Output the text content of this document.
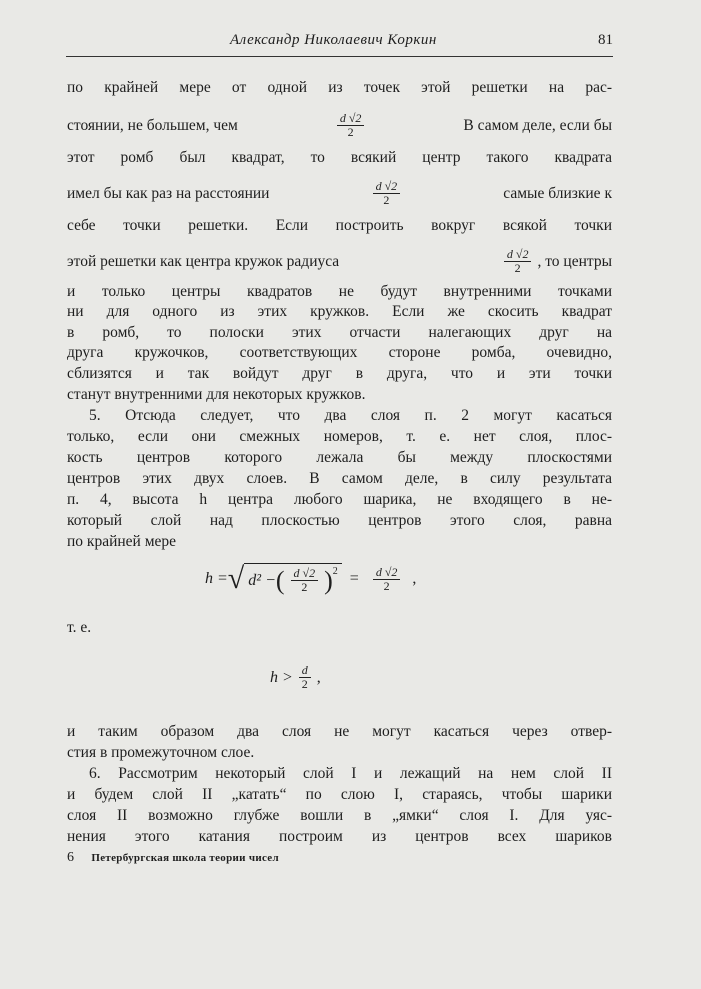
Александр Николаевич Коркин	81
по крайней мере от одной из точек этой решетки на рас-
стоянии, не большем, чем	$\frac{d √2}{2}$	В самом деле, если бы
этот ромб был квадрат, то всякий центр такого квадрата
имел бы как раз на расстоянии	$\frac{d √2}{2}$	самые близкие к
себе точки решетки. Если построить вокруг всякой точки
этой решетки как центра кружок радиуса	$\frac{d √2}{2}$ , то центры
и только центры квадратов не будут внутренними точками
ни для одного из этих кружков. Если же скосить квадрат
в ромб, то полоски этих отчасти налегающих друг на
друга кружочков, соответствующих стороне ромба, очевидно,
сблизятся и так войдут друг в друга, что и эти точки
станут внутренними для некоторых кружков.
5. Отсюда следует, что два слоя п. 2 могут касаться
только, если они смежных номеров, т. е. нет слоя, плос-
кость центров которого лежала бы между плоскостями
центров этих двух слоев. В самом деле, в силу результата
п. 4, высота h центра любого шарика, не входящего в не-
который слой над плоскостью центров этого слоя, равна
по крайней мере
h = √ d² − ( $\frac{d √2}{2} )^2 = \frac{d √2}{2}$ ,
т. е.
$h > \frac{d}{2}$ ,
и таким образом два слоя не могут касаться через отвер-
стия в промежуточном слое.
6. Рассмотрим некоторый слой I и лежащий на нем слой II
и будем слой II „катать“ по слою I, стараясь, чтобы шарики
слоя II возможно глубже вошли в „ямки“ слоя I. Для уяс-
нения этого катания построим из центров всех шариков
6 Петербургская школа теории чисел
